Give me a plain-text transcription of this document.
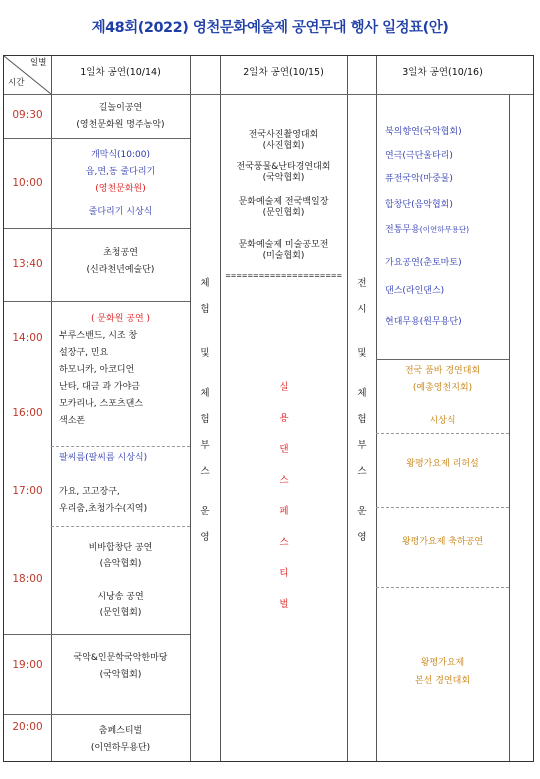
제48회(2022) 영천문화예술제 공연무대 행사 일정표(안)
일별
시간
1일차 공연(10/14)	2일차 공연(10/15)	3일차 공연(10/16)
09:30
10:00
13:40
14:00
16:00
17:00
18:00
19:00
20:00
길놀이공연
(영천문화원 명주농악)
개막식(10:00)
읍,면,동 줄다리기
(영천문화원)
줄다리기 시상식
초청공연
(신라천년예술단)
( 문화원 공연 )
부루스밴드, 시조 창
설장구, 민요
하모니카, 아코디언
난타, 대금 과 가야금
모카리나, 스포츠댄스
색소폰
팔씨름(팔씨름 시상식)
가요, 고고장구,
우리춤,초청가수(지역)
비바합창단 공연
(음악협회)
시낭송 공연
(문인협회)
국악&인문학국악한마당
(국악협회)
춤페스티벌
(이연하무용단)
체
험
및
체
험
부
스
운
영
전국사진촬영대회
(사진협회)
전국풍물&난타경연대회
(국악협회)
문화예술제 전국백일장
(문인협회)
문화예술제 미술공모전
(미술협회)
=====================
실
용
댄
스
페
스
티
벌
전
시
및
체
험
부
스
운
영
북의향연(국악협회)
연극(극단울타리)
퓨전국악(마중물)
합창단(음악협회)
전통무용(이연하무용단)
가요공연(춘토마토)
댄스(라인댄스)
현대무용(원무용단)
전국 품바 경연대회
(예총영천지회)
시상식
왕평가요제 리허설
왕평가요제 축하공연
왕평가요제
본선 경연대회
